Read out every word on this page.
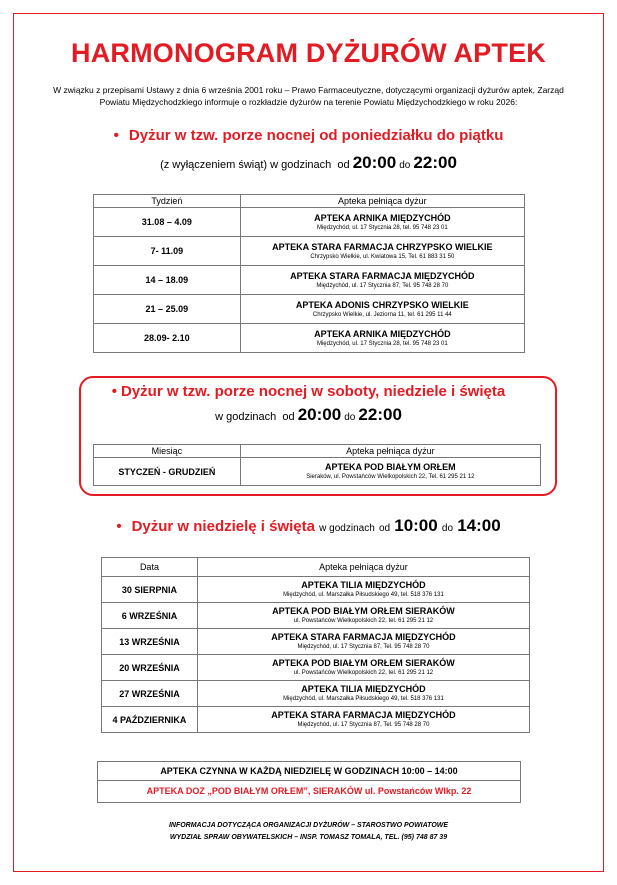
HARMONOGRAM DYŻURÓW APTEK
W związku z przepisami Ustawy z dnia 6 września 2001 roku – Prawo Farmaceutyczne, dotyczącymi organizacji dyżurów aptek, Zarząd Powiatu Międzychodzkiego informuje o rozkładzie dyżurów na terenie Powiatu Międzychodzkiego w roku 2026:
• Dyżur w tzw. porze nocnej od poniedziałku do piątku
(z wyłączeniem świąt) w godzinach od 20:00 do 22:00
Tydzień	Apteka pełniąca dyżur
31.08 – 4.09	APTEKA ARNIKA MIĘDZYCHÓD
Międzychód, ul. 17 Stycznia 28, tel. 95 748 23 01

7- 11.09	APTEKA STARA FARMACJA CHRZYPSKO WIELKIE
Chrzypsko Wielkie, ul. Kwiatowa 15, Tel. 61 883 31 50

14 – 18.09	APTEKA STARA FARMACJA MIĘDZYCHÓD
Międzychód, ul. 17 Stycznia 87, Tel. 95 748 28 70

21 – 25.09	APTEKA ADONIS CHRZYPSKO WIELKIE
Chrzypsko Wielkie, ul. Jeziorna 11, tel. 61 295 11 44

28.09- 2.10	APTEKA ARNIKA MIĘDZYCHÓD
Międzychód, ul. 17 Stycznia 28, tel. 95 748 23 01
• Dyżur w tzw. porze nocnej w soboty, niedziele i święta
w godzinach od 20:00 do 22:00
Miesiąc	Apteka pełniąca dyżur
STYCZEŃ - GRUDZIEŃ	APTEKA POD BIAŁYM ORŁEM
Sieraków, ul. Powstańców Wielkopolskich 22, Tel. 61 295 21 12
• Dyżur w niedzielę i święta w godzinach od 10:00 do 14:00
Data	Apteka pełniąca dyżur
30 SIERPNIA	APTEKA TILIA MIĘDZYCHÓD
Międzychód, ul. Marszałka Piłsudskiego 49, tel. 518 376 131

6 WRZEŚNIA	APTEKA POD BIAŁYM ORŁEM SIERAKÓW
ul. Powstańców Wielkopolskich 22, tel. 61 295 21 12

13 WRZEŚNIA	APTEKA STARA FARMACJA MIĘDZYCHÓD
Międzychód, ul. 17 Stycznia 87, Tel. 95 748 28 70

20 WRZEŚNIA	APTEKA POD BIAŁYM ORŁEM SIERAKÓW
ul. Powstańców Wielkopolskich 22, tel. 61 295 21 12

27 WRZEŚNIA	APTEKA TILIA MIĘDZYCHÓD
Międzychód, ul. Marszałka Piłsudskiego 49, tel. 518 376 131

4 PAŹDZIERNIKA	APTEKA STARA FARMACJA MIĘDZYCHÓD
Międzychód, ul. 17 Stycznia 87, Tel. 95 748 28 70
APTEKA CZYNNA W KAŻDĄ NIEDZIELĘ W GODZINACH 10:00 – 14:00
APTEKA DOZ „POD BIAŁYM ORŁEM”, SIERAKÓW ul. Powstańców Wlkp. 22
INFORMACJA DOTYCZĄCA ORGANIZACJI DYŻURÓW – STAROSTWO POWIATOWE
WYDZIAŁ SPRAW OBYWATELSKICH – INSP. TOMASZ TOMALA, TEL. (95) 748 87 39
